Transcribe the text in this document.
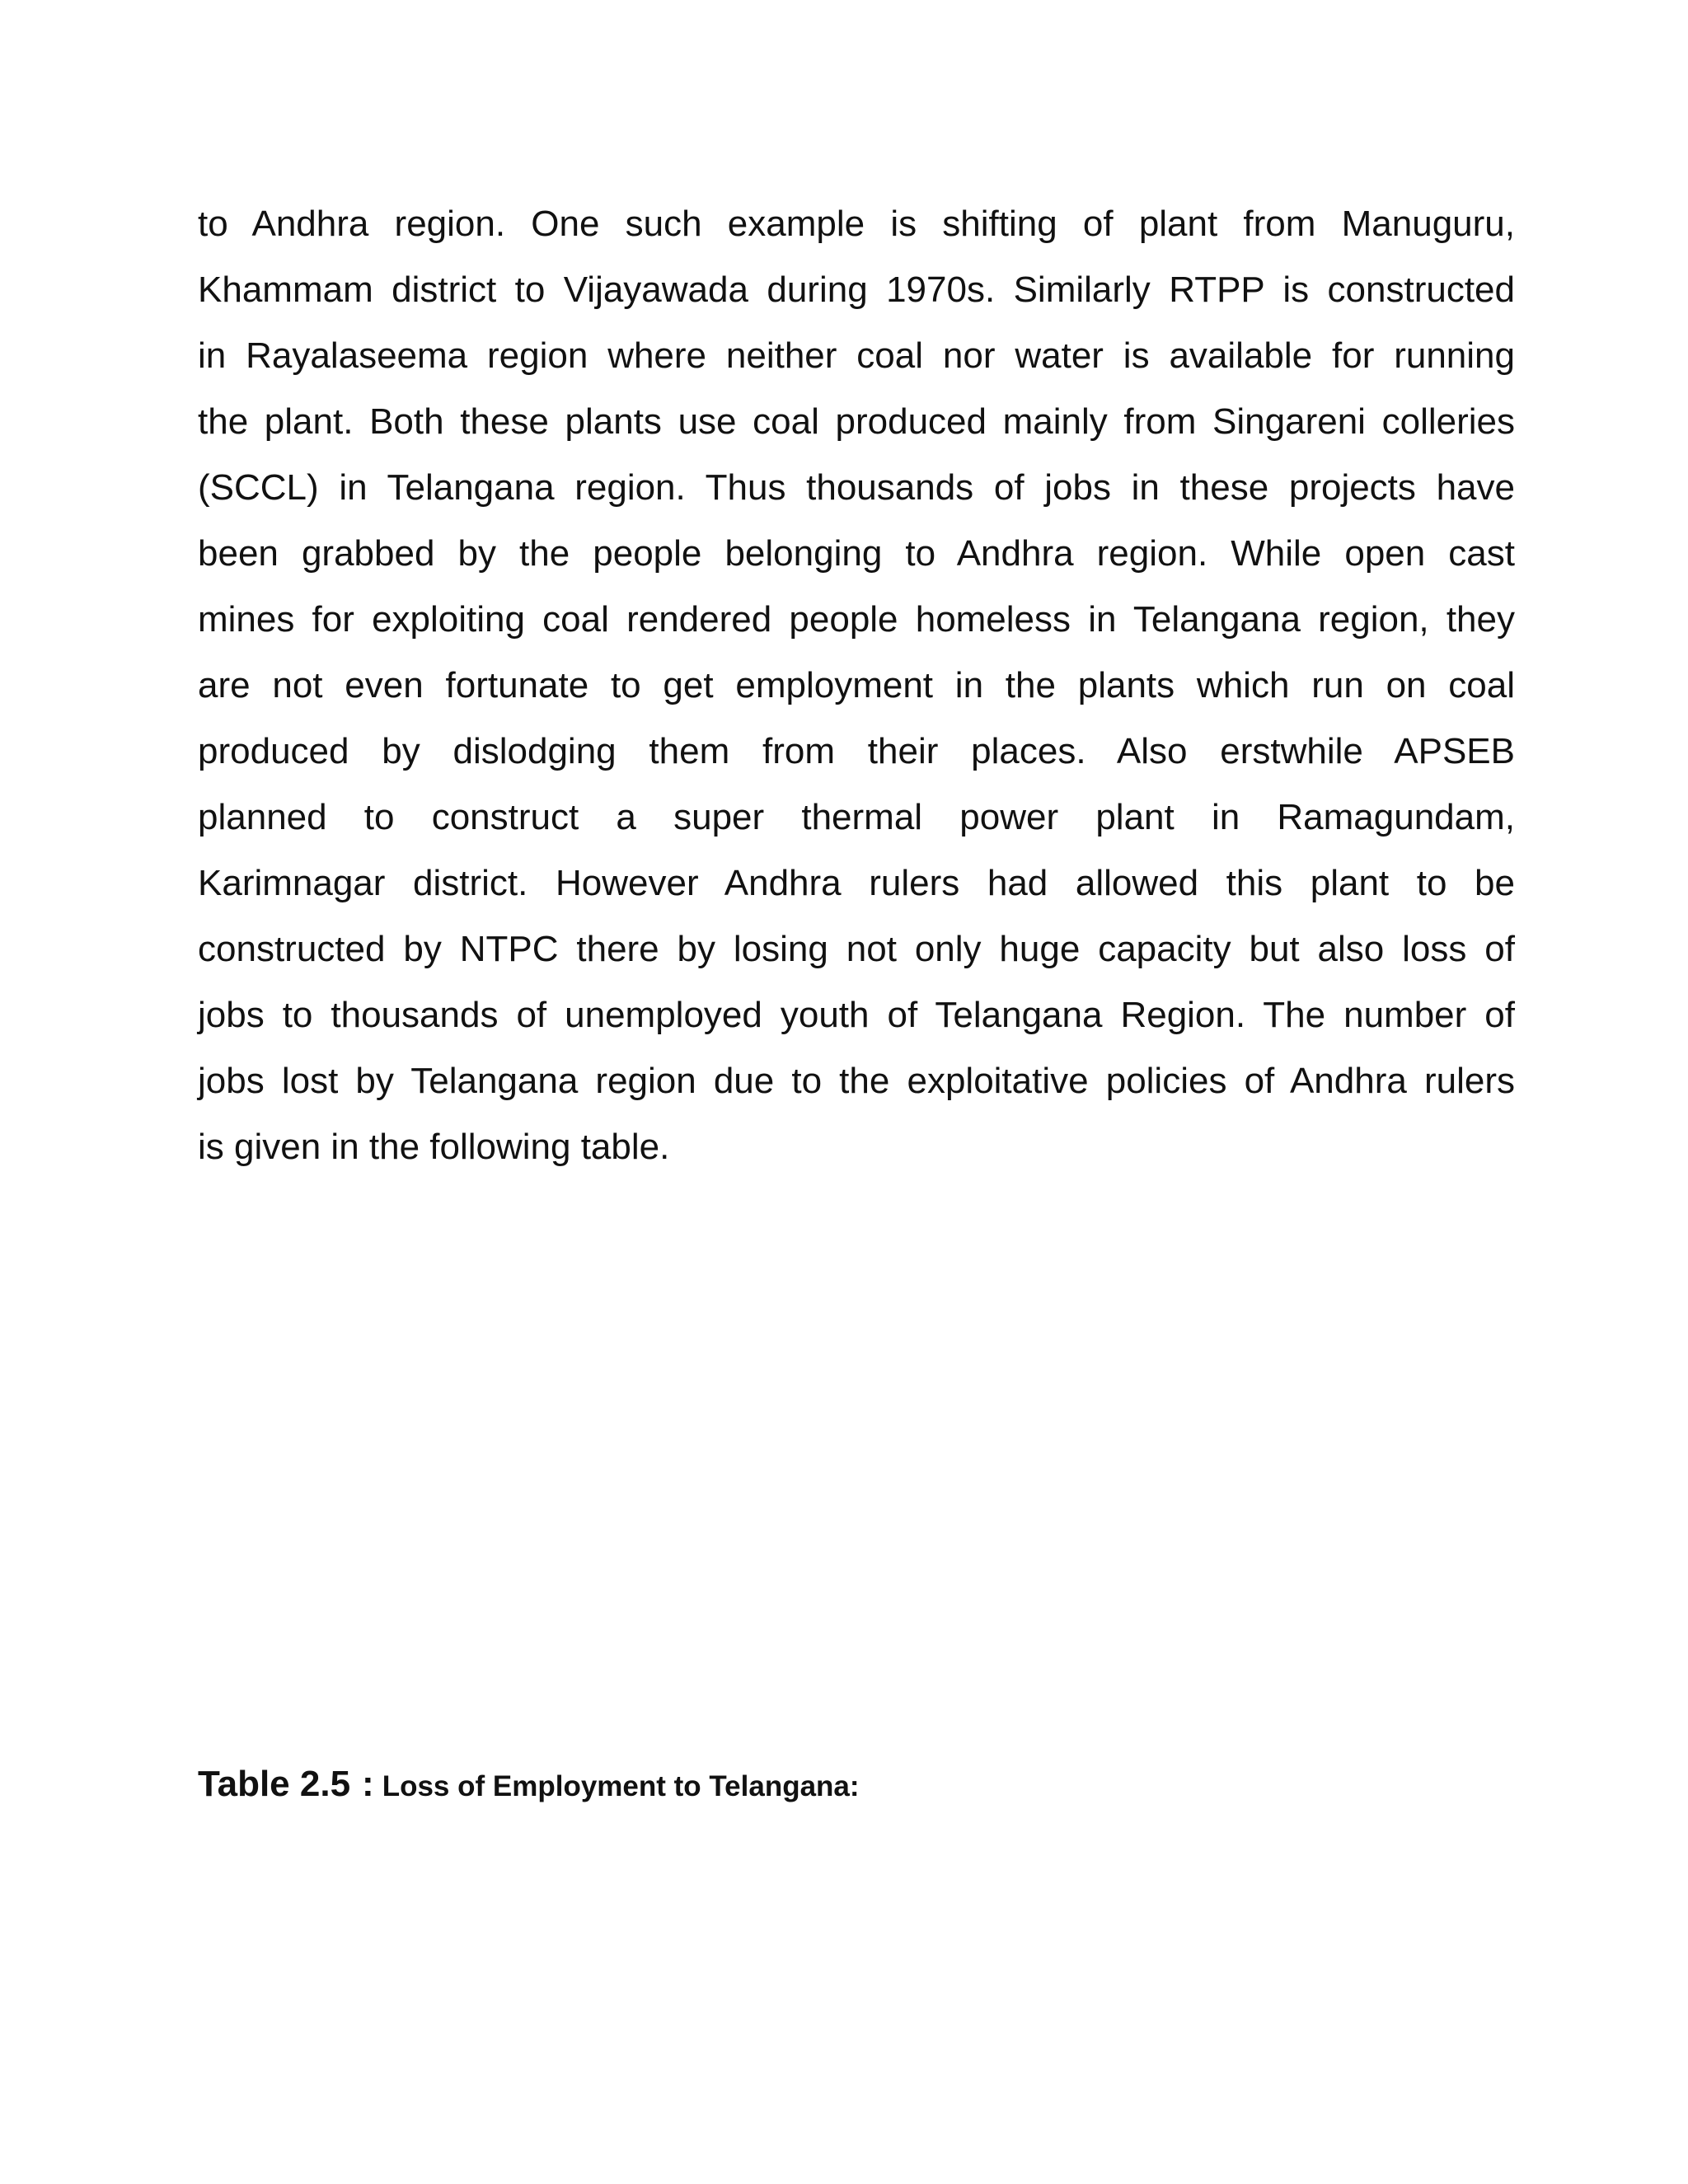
to Andhra region. One such example is shifting of plant from Manuguru,
Khammam district to Vijayawada during 1970s. Similarly RTPP is constructed
in Rayalaseema region where neither coal nor water is available for running
the plant. Both these plants use coal produced mainly from Singareni colleries
(SCCL) in Telangana region. Thus thousands of jobs in these projects have
been grabbed by the people belonging to Andhra region. While open cast
mines for exploiting coal rendered people homeless in Telangana region, they
are not even fortunate to get employment in the plants which run on coal
produced by dislodging them from their places. Also erstwhile APSEB
planned to construct a super thermal power plant in Ramagundam,
Karimnagar district. However Andhra rulers had allowed this plant to be
constructed by NTPC there by losing not only huge capacity but also loss of
jobs to thousands of unemployed youth of Telangana Region. The number of
jobs lost by Telangana region due to the exploitative policies of Andhra rulers
is given in the following table.
Table 2.5 : Loss of Employment to Telangana:
